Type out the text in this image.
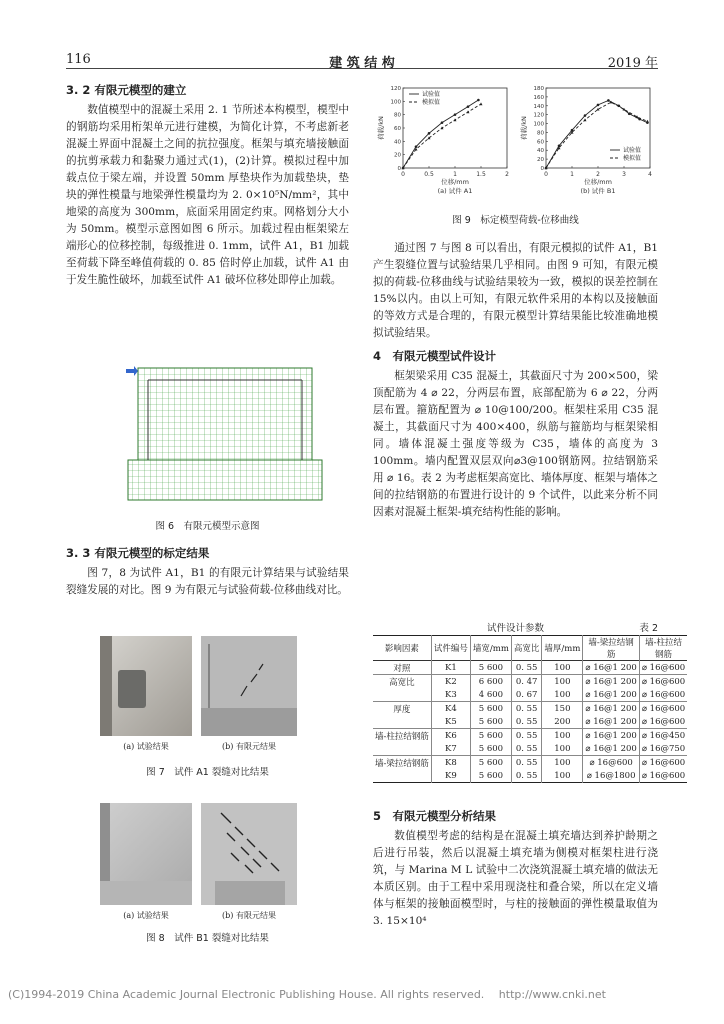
116	建 筑 结 构	2019 年

3. 2 有限元模型的建立

数值模型中的混凝土采用 2. 1 节所述本构模型，模型中的钢筋均采用桁架单元进行建模，为简化计算，不考虑新老混凝土界面中混凝土之间的抗拉强度。框架与填充墙接触面的抗剪承载力和黏聚力通过式(1)，(2)计算。模拟过程中加载点位于梁左端，并设置 50mm 厚垫块作为加载垫块，垫块的弹性模量与地梁弹性模量均为 2. 0×10⁵N/mm²，其中地梁的高度为 300mm，底面采用固定约束。网格划分大小为 50mm。模型示意图如图 6 所示。加载过程由框架梁左端形心的位移控制，每级推进 0. 1mm，试件 A1，B1 加载至荷载下降至峰值荷载的 0. 85 倍时停止加载，试件 A1 由于发生脆性破坏，加载至试件 A1 破坏位移处即停止加载。

图 6　有限元模型示意图

3. 3 有限元模型的标定结果

图 7，8 为试件 A1，B1 的有限元计算结果与试验结果裂缝发展的对比。图 9 为有限元与试验荷载-位移曲线对比。

(a) 试验结果	(b) 有限元结果
图 7　试件 A1 裂缝对比结果
(a) 试验结果	(b) 有限元结果
图 8　试件 B1 裂缝对比结果
0	0.5	1	1.5	2
0
20
40
60
80
100
120
位移/mm
(a) 试件 A1
荷载/kN
试验值
模拟值
0	1	2	3	4
0
20
40
60
80
100
120
140
160
180
位移/mm
(b) 试件 B1
荷载/kN
试验值
模拟值
图 9　标定模型荷载-位移曲线

通过图 7 与图 8 可以看出，有限元模拟的试件 A1，B1 产生裂缝位置与试验结果几乎相同。由图 9 可知，有限元模拟的荷载-位移曲线与试验结果较为一致，模拟的误差控制在 15%以内。由以上可知，有限元软件采用的本构以及接触面的等效方式是合理的，有限元模型计算结果能比较准确地模拟试验结果。

4　有限元模型试件设计

框架梁采用 C35 混凝土，其截面尺寸为 200×500，梁顶配筋为 4 ⌀ 22，分两层布置，底部配筋为 6 ⌀ 22，分两层布置。箍筋配置为 ⌀ 10@100/200。框架柱采用 C35 混凝土，其截面尺寸为 400×400，纵筋与箍筋均与框架梁相同。墙体混凝土强度等级为 C35，墙体的高度为 3 100mm。墙内配置双层双向⌀3@100钢筋网。拉结钢筋采用 ⌀ 16。表 2 为考虑框架高宽比、墙体厚度、框架与墙体之间的拉结钢筋的布置进行设计的 9 个试件，以此来分析不同因素对混凝土框架-填充结构性能的影响。

试件设计参数	表 2
影响因素	试件编号	墙宽/mm	高宽比	墙厚/mm	墙-梁拉结钢筋	墙-柱拉结钢筋
对照	K1	5 600	0. 55	100	⌀ 16@1 200	⌀ 16@600
高宽比	K2	6 600	0. 47	100	⌀ 16@1 200	⌀ 16@600
	K3	4 600	0. 67	100	⌀ 16@1 200	⌀ 16@600
厚度	K4	5 600	0. 55	150	⌀ 16@1 200	⌀ 16@600
	K5	5 600	0. 55	200	⌀ 16@1 200	⌀ 16@600
墙-柱拉结钢筋	K6	5 600	0. 55	100	⌀ 16@1 200	⌀ 16@450
	K7	5 600	0. 55	100	⌀ 16@1 200	⌀ 16@750
墙-梁拉结钢筋	K8	5 600	0. 55	100	⌀ 16@600	⌀ 16@600
	K9	5 600	0. 55	100	⌀ 16@1800	⌀ 16@600

5　有限元模型分析结果

数值模型考虑的结构是在混凝土填充墙达到养护龄期之后进行吊装，然后以混凝土填充墙为侧模对框架柱进行浇筑，与 Marina M L 试验中二次浇筑混凝土填充墙的做法无本质区别。由于工程中采用现浇柱和叠合梁，所以在定义墙体与框架的接触面模型时，与柱的接触面的弹性模量取值为 3. 15×10⁴

(C)1994-2019 China Academic Journal Electronic Publishing House. All rights reserved.　 http://www.cnki.net
